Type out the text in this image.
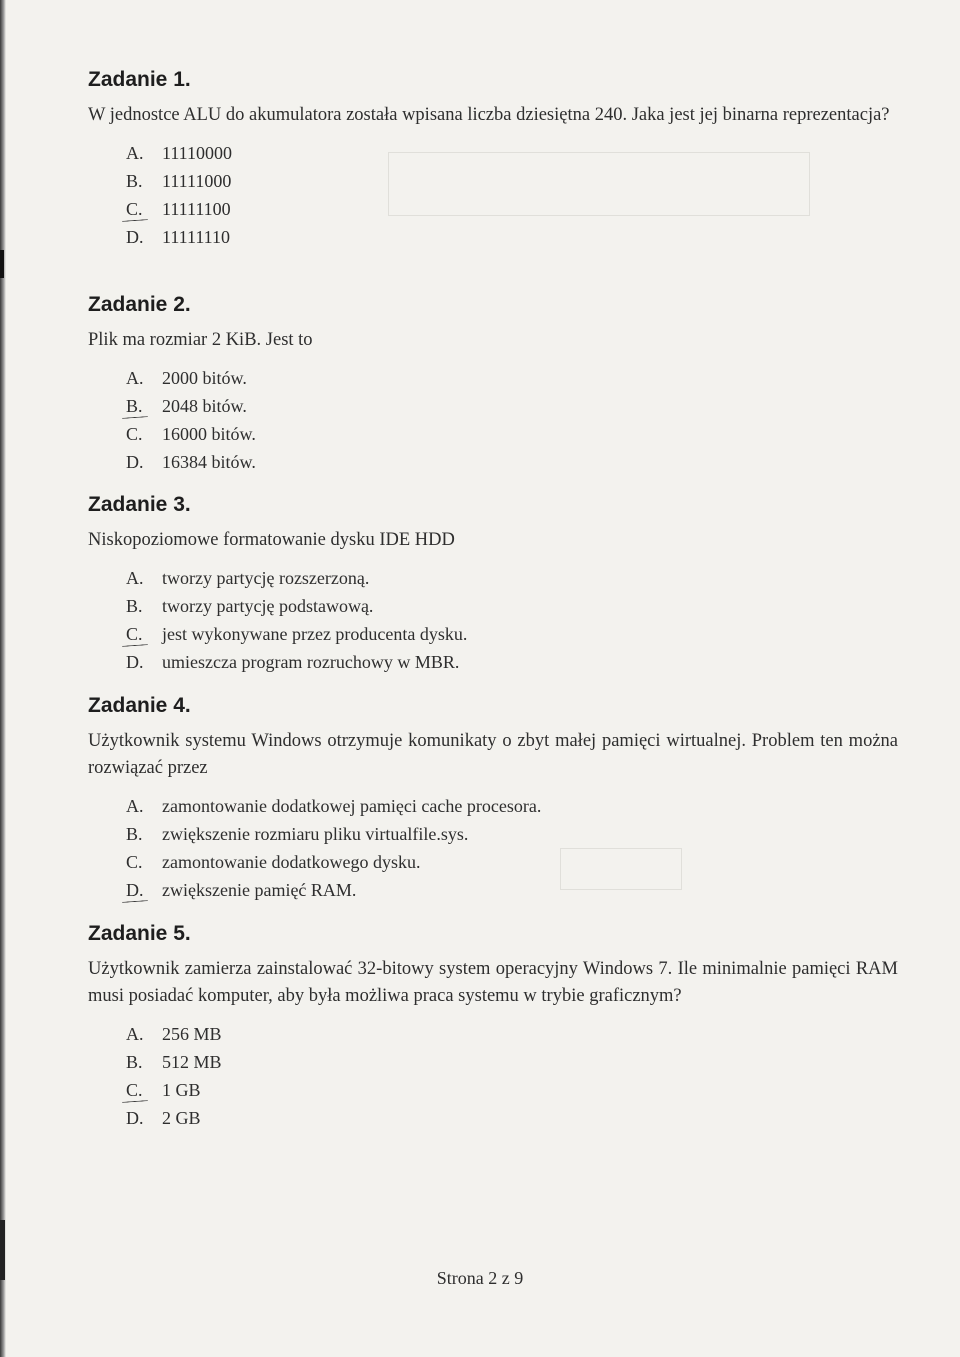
Zadanie 1.

W jednostce ALU do akumulatora została wpisana liczba dziesiętna 240. Jaka jest jej binarna reprezentacja?

A.	11110000
B.	11111000
C.	11111100
D.	11111110
Zadanie 2.

Plik ma rozmiar 2 KiB. Jest to

A.	2000 bitów.
B.	2048 bitów.
C.	16000 bitów.
D.	16384 bitów.
Zadanie 3.

Niskopoziomowe formatowanie dysku IDE HDD

A.	tworzy partycję rozszerzoną.
B.	tworzy partycję podstawową.
C.	jest wykonywane przez producenta dysku.
D.	umieszcza program rozruchowy w MBR.
Zadanie 4.

Użytkownik systemu Windows otrzymuje komunikaty o zbyt małej pamięci wirtualnej. Problem ten można rozwiązać przez

A.	zamontowanie dodatkowej pamięci cache procesora.
B.	zwiększenie rozmiaru pliku virtualfile.sys.
C.	zamontowanie dodatkowego dysku.
D.	zwiększenie pamięć RAM.
Zadanie 5.

Użytkownik zamierza zainstalować 32-bitowy system operacyjny Windows 7. Ile minimalnie pamięci RAM musi posiadać komputer, aby była możliwa praca systemu w trybie graficznym?

A.	256 MB
B.	512 MB
C.	1 GB
D.	2 GB
Strona 2 z 9
